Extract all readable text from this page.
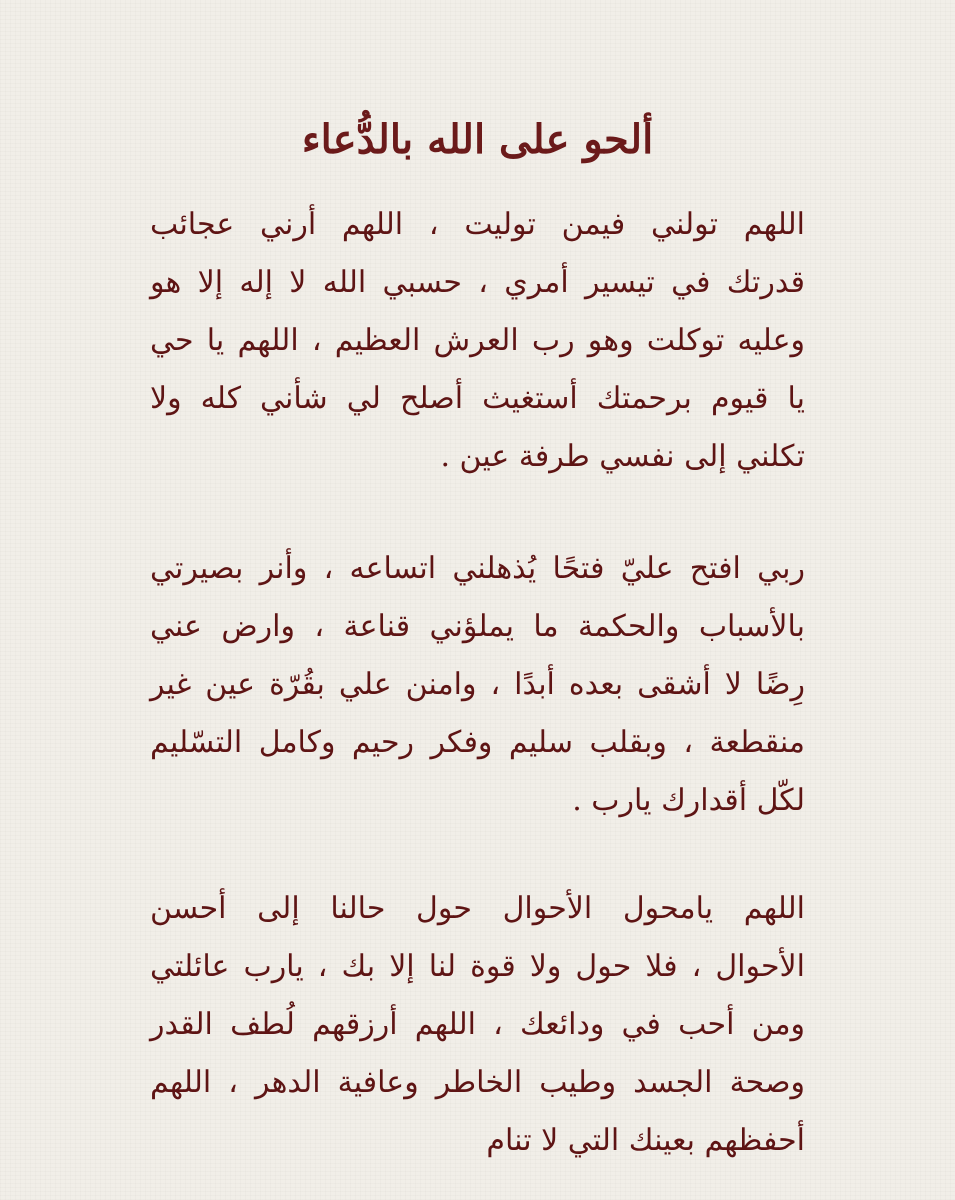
ألحو على الله بالدُّعاء

اللهم تولني فيمن توليت ، اللهم أرني عجائب
قدرتك في تيسير أمري ، حسبي الله لا إله إلا هو
وعليه توكلت وهو رب العرش العظيم ، اللهم يا حي
يا قيوم برحمتك أستغيث أصلح لي شأني كله ولا
تكلني إلى نفسي طرفة عين .

ربي افتح عليّ فتحًا يُذهلني اتساعه ، وأنر بصيرتي
بالأسباب والحكمة ما يملؤني قناعة ، وارض عني
رِضًا لا أشقى بعده أبدًا ، وامنن علي بقُرّة عين غير
منقطعة ، وبقلب سليم وفكر رحيم وكامل التسّليم
لكّل أقدارك يارب .

اللهم يامحول الأحوال حول حالنا إلى أحسن
الأحوال ، فلا حول ولا قوة لنا إلا بك ، يارب عائلتي
ومن أحب في ودائعك ، اللهم أرزقهم لُطف القدر
وصحة الجسد وطيب الخاطر وعافية الدهر ، اللهم
أحفظهم بعينك التي لا تنام
